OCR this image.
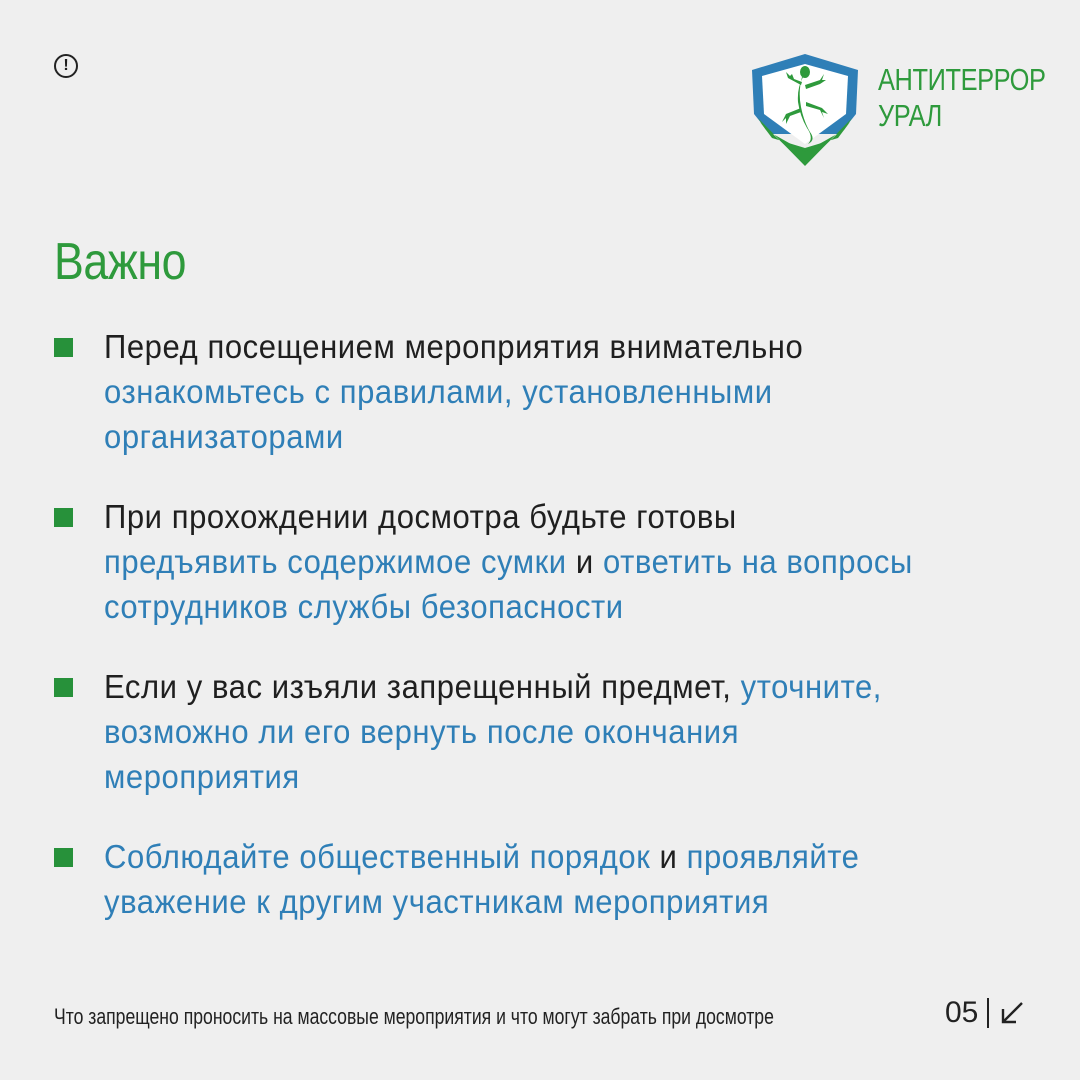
!	АНТИТЕРРОР
УРАЛ
Важно
Перед посещением мероприятия внимательно
ознакомьтесь с правилами, установленными
организаторами
При прохождении досмотра будьте готовы
предъявить содержимое сумки и ответить на вопросы
сотрудников службы безопасности
Если у вас изъяли запрещенный предмет, уточните,
возможно ли его вернуть после окончания
мероприятия
Соблюдайте общественный порядок и проявляйте
уважение к другим участникам мероприятия
Что запрещено проносить на массовые мероприятия и что могут забрать при досмотре	05
